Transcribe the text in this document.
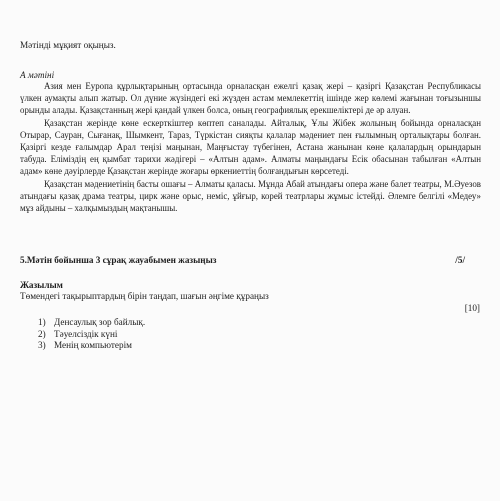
Мәтінді мұқият оқыңыз.
А мәтіні

Азия мен Еуропа құрлықтарының ортасында орналасқан ежелгі қазақ жері – қазіргі Қазақстан Республикасы үлкен аумақты алып жатыр. Ол дүние жүзіндегі екі жүзден астам мемлекеттің ішінде жер көлемі жағынан тоғызыншы орынды алады. Қазақстанның жері қандай үлкен болса, оның географиялық ерекшеліктері де әр алуан.

Қазақстан жерінде көне ескерткіштер көптеп саналады. Айталық, Ұлы Жібек жолының бойында орналасқан Отырар, Сауран, Сығанақ, Шымкент, Тараз, Түркістан сияқты қалалар мәдениет пен ғылымның орталықтары болған. Қазіргі кезде ғалымдар Арал теңізі маңынан, Маңғыстау түбегінен, Астана жанынан көне қалалардың орындарын табуда. Еліміздің ең қымбат тарихи жәдігері – «Алтын адам». Алматы маңындағы Есік обасынан табылған «Алтын адам» көне дәуірлерде Қазақстан жерінде жоғары өркениеттің болғандығын көрсетеді.

Қазақстан мәдениетінің басты ошағы – Алматы қаласы. Мұнда Абай атындағы опера және балет театры, М.Әуезов атындағы қазақ драма театры, цирк және орыс, неміс, ұйғыр, корей театрлары жұмыс істейді. Әлемге белгілі «Медеу» мұз айдыны – халқымыздың мақтанышы.

5.Мәтін бойынша 3 сұрақ жауабымен жазыңыз	/5/
Жазылым
Төмендегі тақырыптардың бірін таңдап, шағын әңгіме құраңыз
[10]
1) Денсаулық зор байлық.
2) Тәуелсіздік күні
3) Менің компьютерім
